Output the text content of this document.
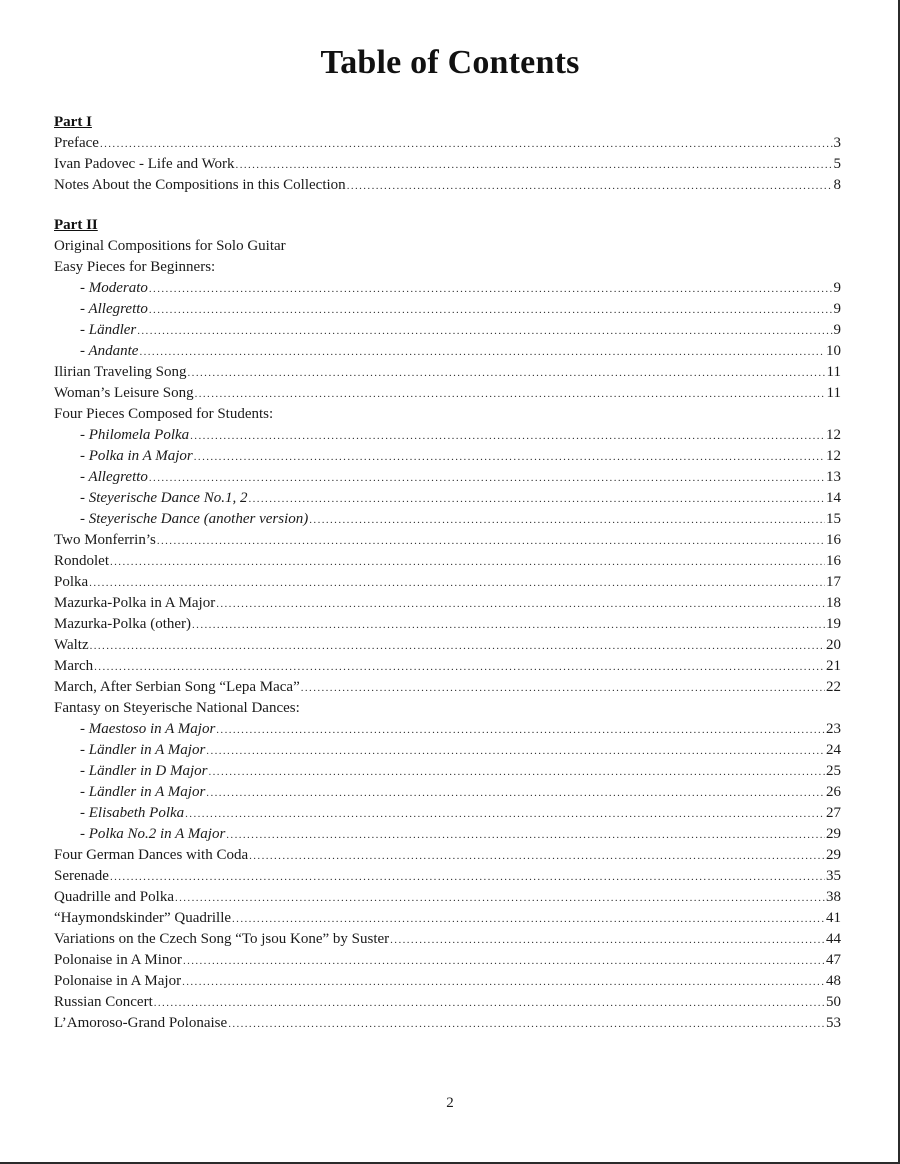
Table of Contents
Part I
Preface .....	3
Ivan Padovec - Life and Work .....	5
Notes About the Compositions in this Collection .....	8
Part II
Original Compositions for Solo Guitar
Easy Pieces for Beginners:
- Moderato .....	9
- Allegretto .....	9
- Ländler .....	9
- Andante .....	10
Ilirian Traveling Song .....	11
Woman’s Leisure Song .....	11
Four Pieces Composed for Students:
- Philomela Polka .....	12
- Polka in A Major .....	12
- Allegretto .....	13
- Steyerische Dance No.1, 2 .....	14
- Steyerische Dance (another version) .....	15
Two Monferrin’s .....	16
Rondolet .....	16
Polka .....	17
Mazurka-Polka in A Major .....	18
Mazurka-Polka (other) .....	19
Waltz .....	20
March .....	21
March, After Serbian Song “Lepa Maca” .....	22
Fantasy on Steyerische National Dances:
- Maestoso in A Major .....	23
- Ländler in A Major .....	24
- Ländler in D Major .....	25
- Ländler in A Major .....	26
- Elisabeth Polka .....	27
- Polka No.2 in A Major .....	29
Four German Dances with Coda .....	29
Serenade .....	35
Quadrille and Polka .....	38
“Haymondskinder” Quadrille .....	41
Variations on the Czech Song “To jsou Kone” by Suster .....	44
Polonaise in A Minor .....	47
Polonaise in A Major .....	48
Russian Concert .....	50
L’Amoroso-Grand Polonaise .....	53
2
